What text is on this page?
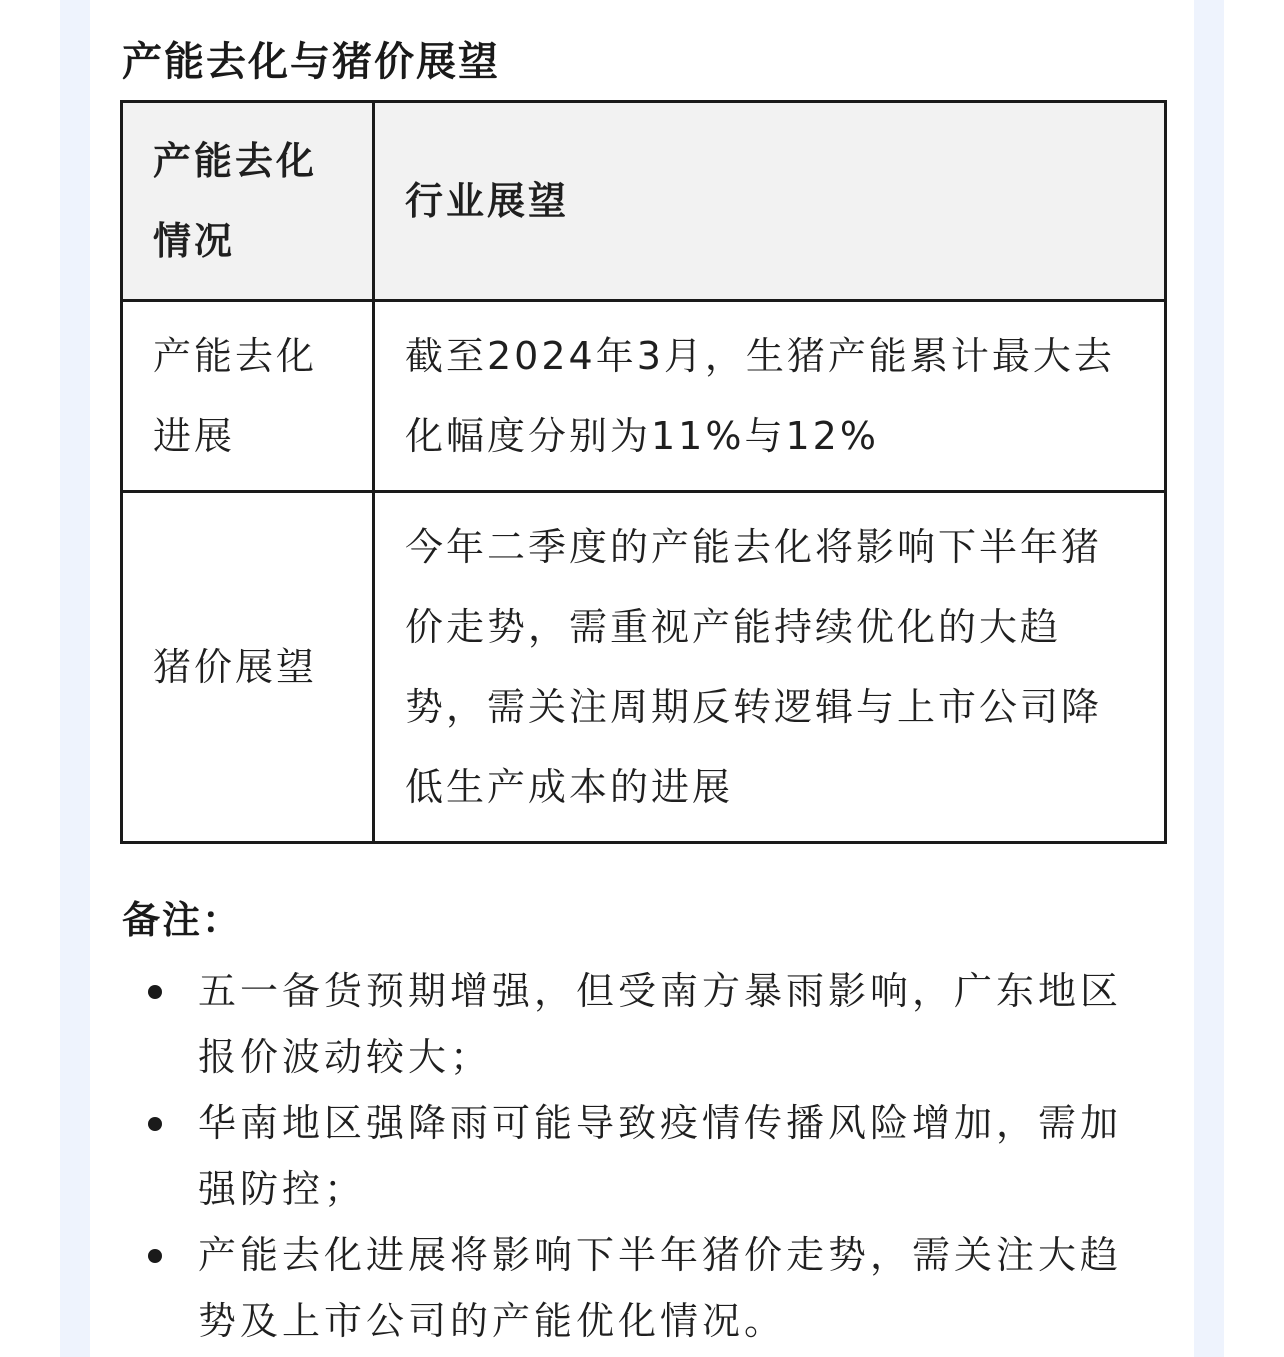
产能去化与猪价展望
产能去化情况	行业展望
产能去化进展	截至2024年3月，生猪产能累计最大去化幅度分别为11%与12%
猪价展望	今年二季度的产能去化将影响下半年猪价走势，需重视产能持续优化的大趋势，需关注周期反转逻辑与上市公司降低生产成本的进展

备注：

五一备货预期增强，但受南方暴雨影响，广东地区报价波动较大；
华南地区强降雨可能导致疫情传播风险增加，需加强防控；
产能去化进展将影响下半年猪价走势，需关注大趋势及上市公司的产能优化情况。
